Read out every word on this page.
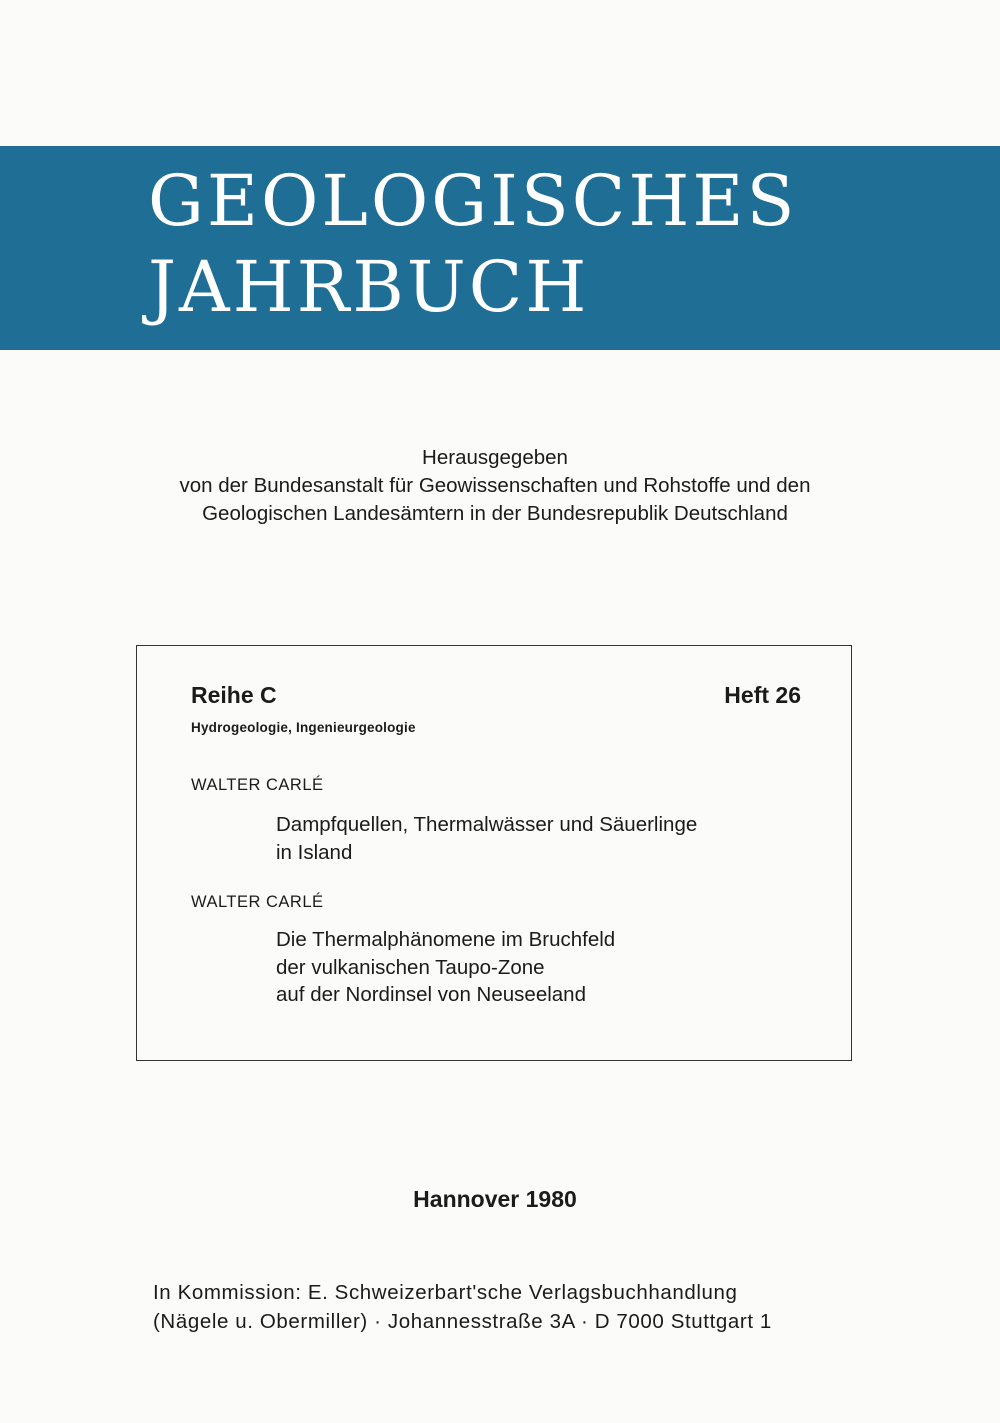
GEOLOGISCHES
JAHRBUCH
Herausgegeben
von der Bundesanstalt für Geowissenschaften und Rohstoffe und den
Geologischen Landesämtern in der Bundesrepublik Deutschland
Reihe C	Heft 26
Hydrogeologie, Ingenieurgeologie
WALTER CARLÉ
Dampfquellen, Thermalwässer und Säuerlinge
in Island
WALTER CARLÉ
Die Thermalphänomene im Bruchfeld
der vulkanischen Taupo-Zone
auf der Nordinsel von Neuseeland
Hannover 1980
In Kommission: E. Schweizerbart'sche Verlagsbuchhandlung
(Nägele u. Obermiller) · Johannesstraße 3A · D 7000 Stuttgart 1
